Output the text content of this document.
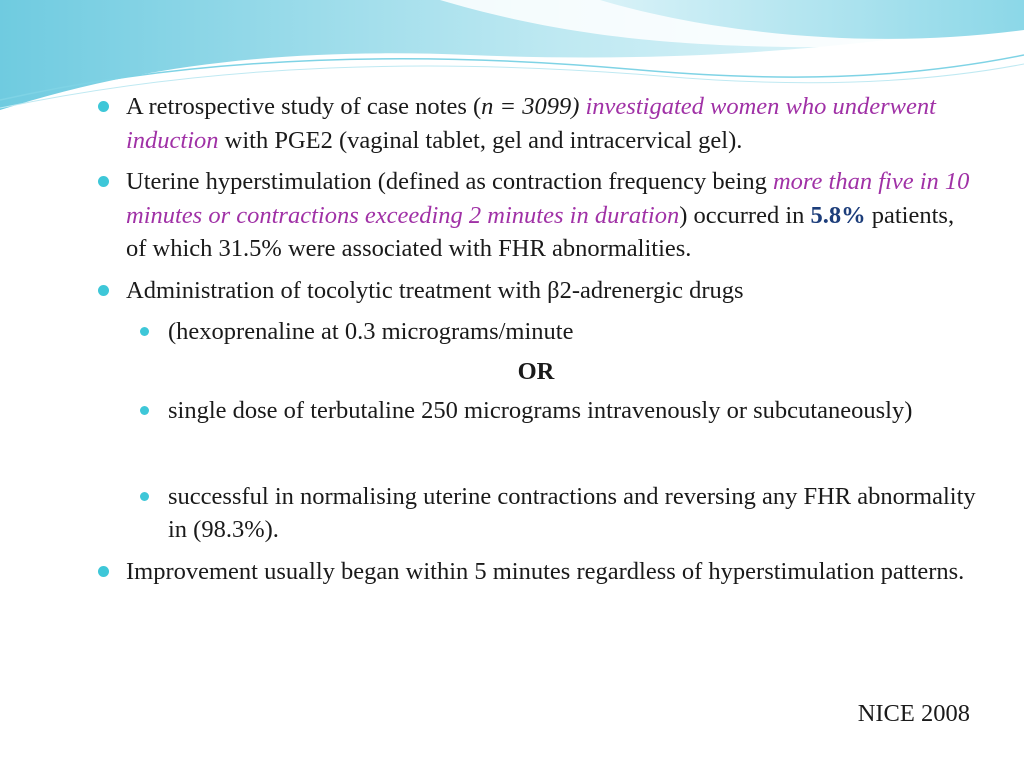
A retrospective study of case notes (n = 3099) investigated women who underwent induction with PGE2 (vaginal tablet, gel and intracervical gel).
Uterine hyperstimulation (defined as contraction frequency being more than five in 10 minutes or contractions exceeding 2 minutes in duration) occurred in 5.8% patients, of which 31.5% were associated with FHR abnormalities.
Administration of tocolytic treatment with β2-adrenergic drugs
(hexoprenaline at 0.3 micrograms/minute
OR
single dose of terbutaline 250 micrograms intravenously or subcutaneously)
successful in normalising uterine contractions and reversing any FHR abnormality in (98.3%).
Improvement usually began within 5 minutes regardless of hyperstimulation patterns.
NICE 2008
